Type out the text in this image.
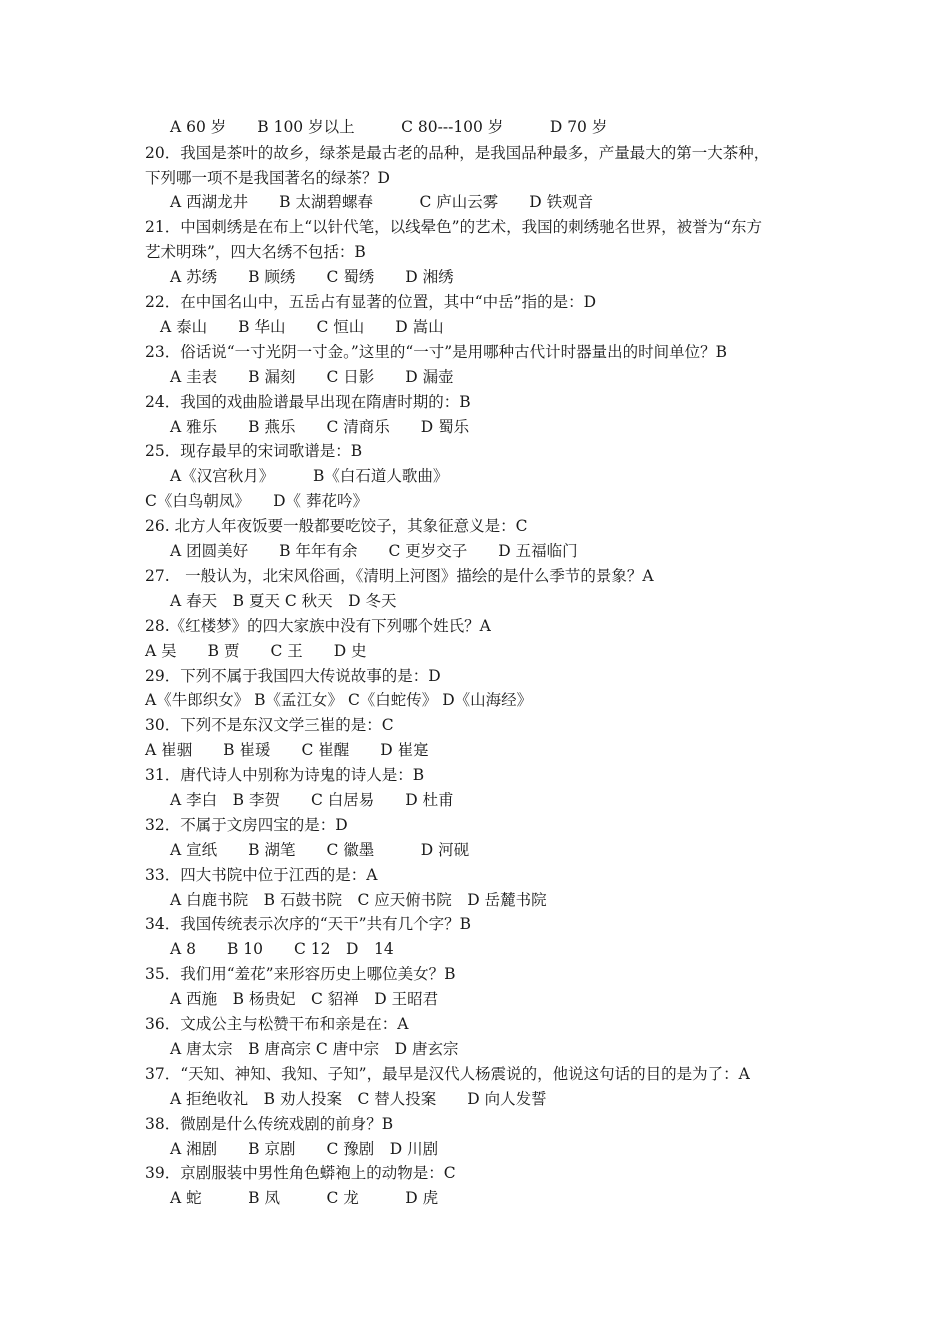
A 60 岁　　B 100 岁以上　　　C 80---100 岁　　　D 70 岁
20．我国是茶叶的故乡，绿茶是最古老的品种，是我国品种最多，产量最大的第一大茶种，
下列哪一项不是我国著名的绿茶？D
A 西湖龙井　　B 太湖碧螺春　　　C 庐山云雾　　D 铁观音
21．中国刺绣是在布上“以针代笔，以线晕色”的艺术，我国的刺绣驰名世界，被誉为“东方
艺术明珠”，四大名绣不包括：B
A 苏绣　　B 顾绣　　C 蜀绣　　D 湘绣
22．在中国名山中，五岳占有显著的位置，其中“中岳”指的是：D
A 泰山　　B 华山　　C 恒山　　D 嵩山
23．俗话说“一寸光阴一寸金。”这里的“一寸”是用哪种古代计时器量出的时间单位？B
A 圭表　　B 漏刻　　C 日影　　D 漏壶
24．我国的戏曲脸谱最早出现在隋唐时期的：B
A 雅乐　　B 燕乐　　C 清商乐　　D 蜀乐
25．现存最早的宋词歌谱是：B
A《汉宫秋月》　　　B《白石道人歌曲》
C《白鸟朝凤》　　D《 葬花吟》
26. 北方人年夜饭要一般都要吃饺子，其象征意义是：C
A 团圆美好　　B 年年有余　　C 更岁交子　　D 五福临门
27.　一般认为，北宋风俗画，《清明上河图》描绘的是什么季节的景象？A
A 春天　B 夏天 C 秋天　D 冬天
28.《红楼梦》的四大家族中没有下列哪个姓氏？A
A 吴　　B 贾　　C 王　　D 史
29．下列不属于我国四大传说故事的是：D
A《牛郎织女》 B《孟江女》 C《白蛇传》 D《山海经》
30．下列不是东汉文学三崔的是：C
A 崔骃　　B 崔瑗　　C 崔醒　　D 崔寔
31．唐代诗人中别称为诗鬼的诗人是：B
A 李白　B 李贺　　C 白居易　　D 杜甫
32．不属于文房四宝的是：D
A 宣纸　　B 湖笔　　C 徽墨　　　D 河砚
33．四大书院中位于江西的是：A
A 白鹿书院　B 石鼓书院　C 应天俯书院　D 岳麓书院
34．我国传统表示次序的“天干”共有几个字？B
A 8　　B 10　　C 12　D　14
35．我们用“羞花”来形容历史上哪位美女？B
A 西施　B 杨贵妃　C 貂禅　D 王昭君
36．文成公主与松赞干布和亲是在：A
A 唐太宗　B 唐高宗 C 唐中宗　D 唐玄宗
37．“天知、神知、我知、子知”，最早是汉代人杨震说的，他说这句话的目的是为了：A
A 拒绝收礼　B 劝人投案　C 替人投案　　D 向人发誓
38．微剧是什么传统戏剧的前身？B
A 湘剧　　B 京剧　　C 豫剧　D 川剧
39．京剧服装中男性角色蟒袍上的动物是：C
A 蛇　　　B 凤　　　C 龙　　　D 虎
